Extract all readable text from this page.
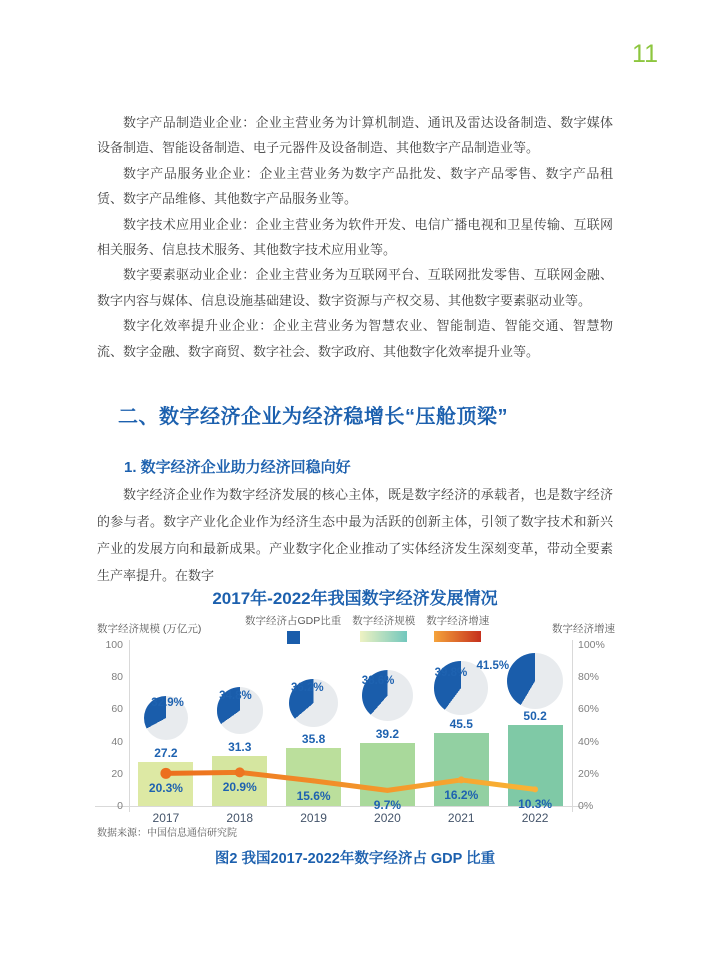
11

数字产品制造业企业：企业主营业务为计算机制造、通讯及雷达设备制造、数字媒体设备制造、智能设备制造、电子元器件及设备制造、其他数字产品制造业等。

数字产品服务业企业：企业主营业务为数字产品批发、数字产品零售、数字产品租赁、数字产品维修、其他数字产品服务业等。

数字技术应用业企业：企业主营业务为软件开发、电信广播电视和卫星传输、互联网相关服务、信息技术服务、其他数字技术应用业等。

数字要素驱动业企业：企业主营业务为互联网平台、互联网批发零售、互联网金融、数字内容与媒体、信息设施基础建设、数字资源与产权交易、其他数字要素驱动业等。

数字化效率提升业企业：企业主营业务为智慧农业、智能制造、智能交通、智慧物流、数字金融、数字商贸、数字社会、数字政府、其他数字化效率提升业等。

二、数字经济企业为经济稳增长“压舱顶梁”
1. 数字经济企业助力经济回稳向好

数字经济企业作为数字经济发展的核心主体，既是数字经济的承载者，也是数字经济的参与者。数字产业化企业作为经济生态中最为活跃的创新主体，引领了数字技术和新兴产业的发展方向和最新成果。产业数字化企业推动了实体经济发生深刻变革，带动全要素生产率提升。在数字

2017年-2022年我国数字经济发展情况
数字经济占GDP比重 数字经济规模 数字经济增速
数字经济规模 (万亿元)	数字经济增速
100
80
60
40
20
0
100%
80%
60%
40%
20%
0%
27.2
2017
31.3
2018
35.8
2019
39.2
2020
45.5
2021
50.2
2022
32.9%
34.8%
36.2%
38.6%
39.8%
41.5%
20.3%	20.9%
15.6%
9.7%
16.2%
10.3%
数据来源：中国信息通信研究院
图2 我国2017-2022年数字经济占 GDP 比重
